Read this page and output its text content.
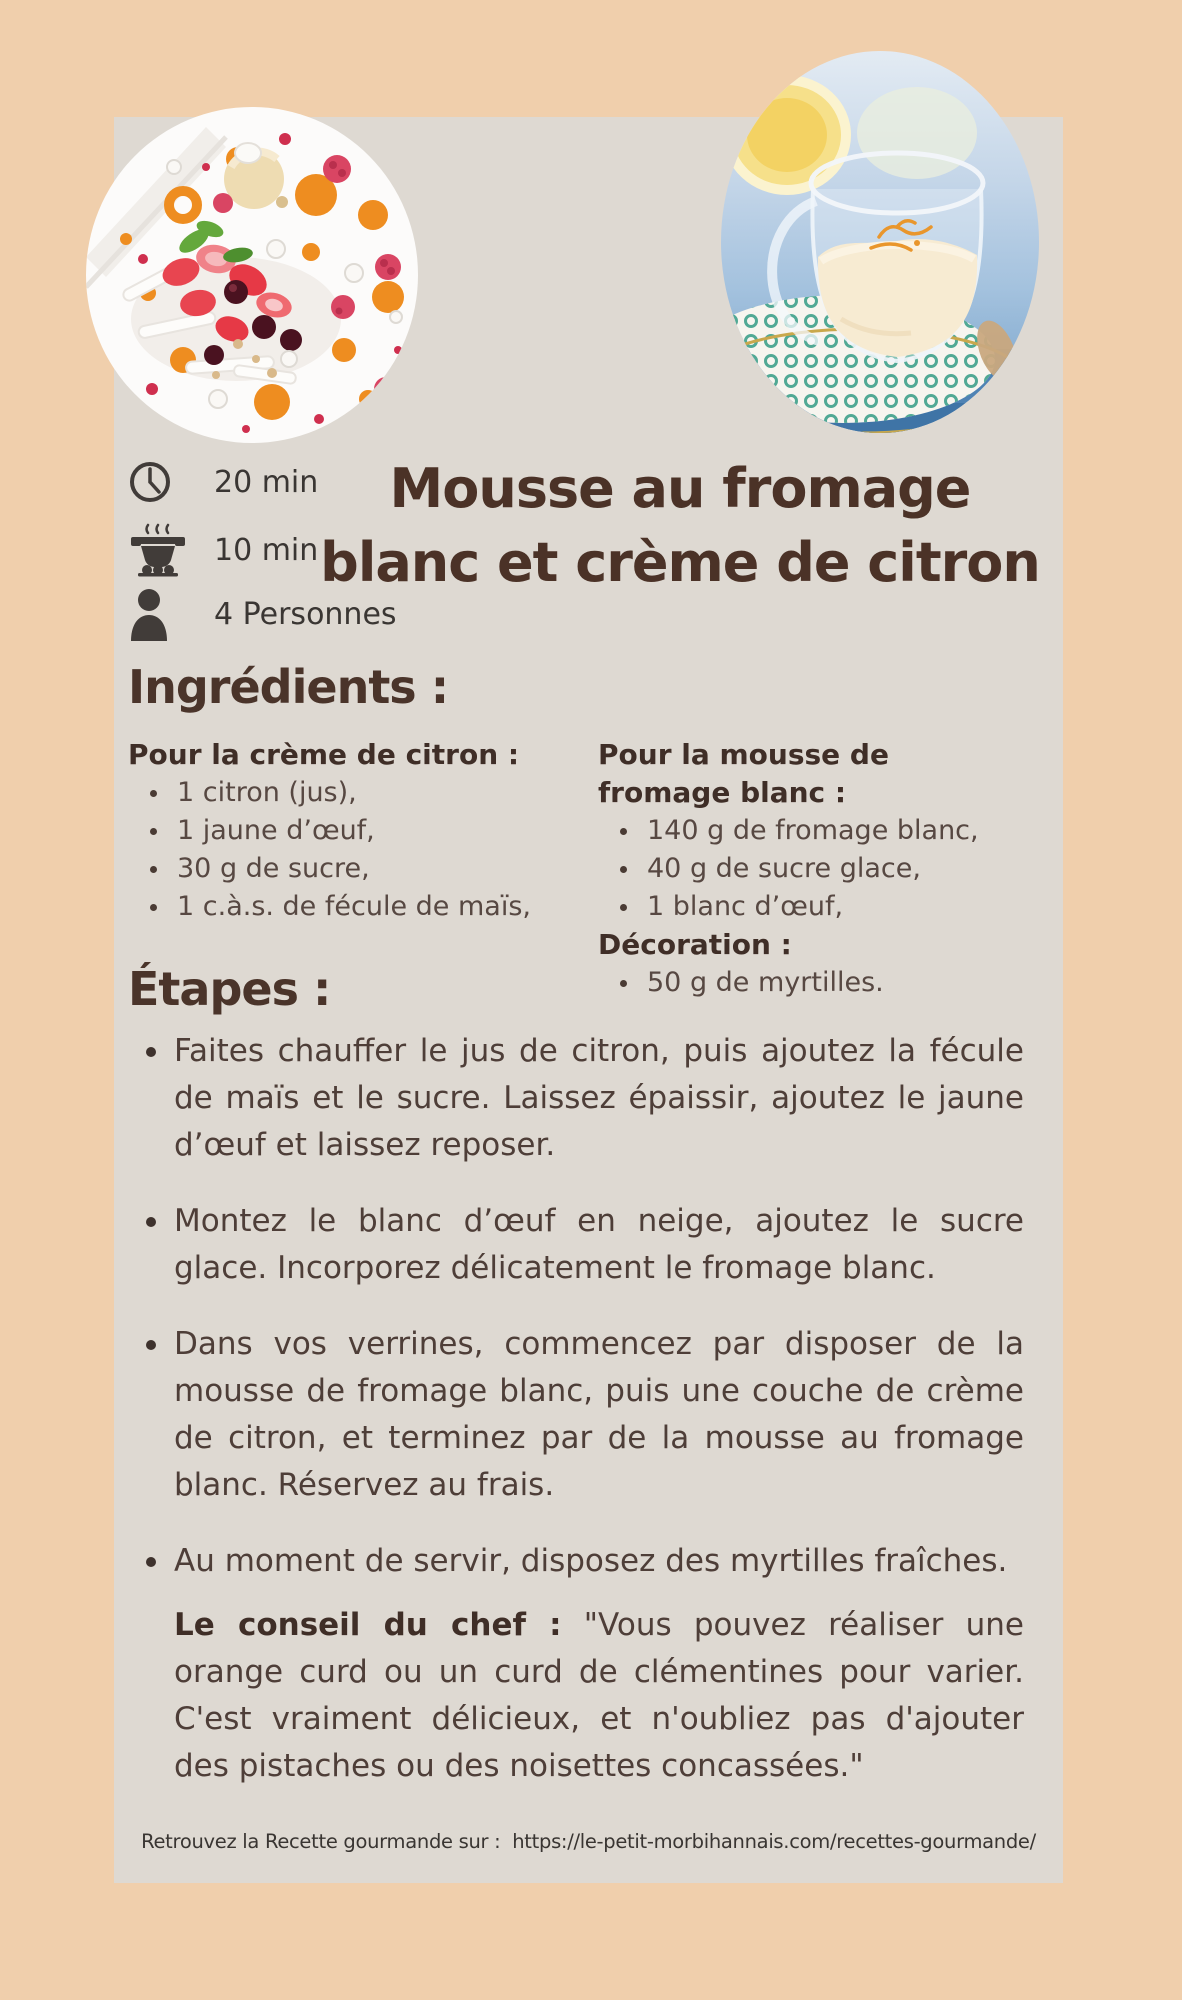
20 min
10 min
4 Personnes
Mousse au fromage
blanc et crème de citron
Ingrédients :
Pour la crème de citron :
1 citron (jus),
1 jaune d’œuf,
30 g de sucre,
1 c.à.s. de fécule de maïs,
Pour la mousse de fromage blanc :
140 g de fromage blanc,
40 g de sucre glace,
1 blanc d’œuf,
Décoration :
50 g de myrtilles.
Étapes :
Faites chauffer le jus de citron, puis ajoutez la fécule de maïs et le sucre. Laissez épaissir, ajoutez le jaune d’œuf et laissez reposer.
Montez le blanc d’œuf en neige, ajoutez le sucre glace. Incorporez délicatement le fromage blanc.
Dans vos verrines, commencez par disposer de la mousse de fromage blanc, puis une couche de crème de citron, et terminez par de la mousse au fromage blanc. Réservez au frais.
Au moment de servir, disposez des myrtilles fraîches.
Le conseil du chef : "Vous pouvez réaliser une orange curd ou un curd de clémentines pour varier. C'est vraiment délicieux, et n'oubliez pas d'ajouter des pistaches ou des noisettes concassées."
Retrouvez la Recette gourmande sur :  https://le-petit-morbihannais.com/recettes-gourmande/
